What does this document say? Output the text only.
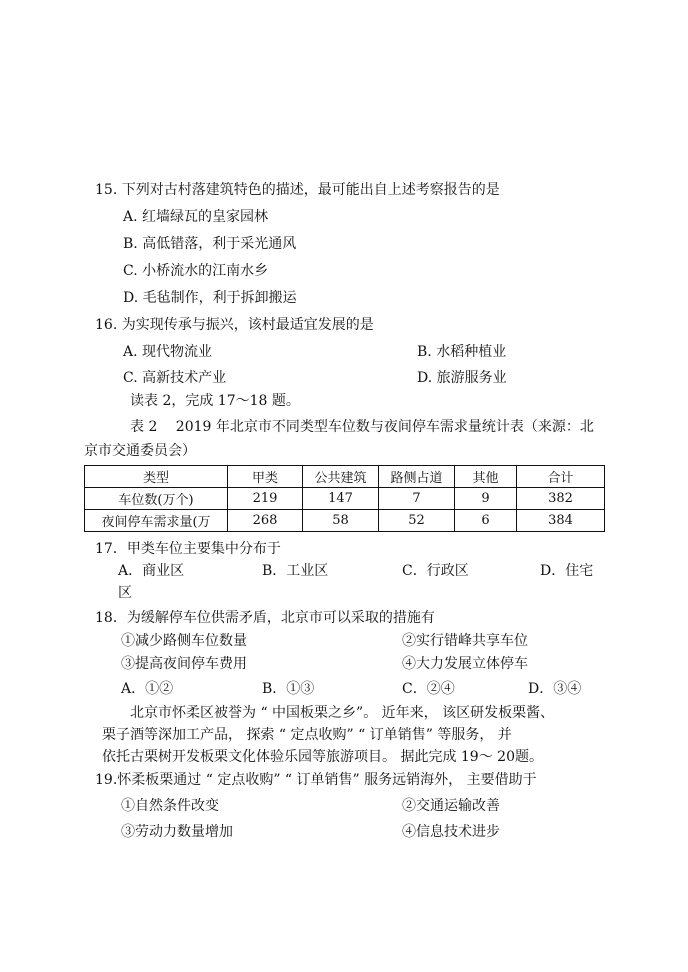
15. 下列对古村落建筑特色的描述，最可能出自上述考察报告的是
A. 红墙绿瓦的皇家园林
B. 高低错落，利于采光通风
C. 小桥流水的江南水乡
D. 毛毡制作，利于拆卸搬运
16. 为实现传承与振兴，该村最适宜发展的是
A. 现代物流业	B. 水稻种植业
C. 高新技术产业	D. 旅游服务业
读表 2，完成 17～18 题。
表 2　 2019 年北京市不同类型车位数与夜间停车需求量统计表（来源：北
京市交通委员会）
类型	甲类	公共建筑	路侧占道	其他	合计
车位数(万个)	219	147	7	9	382
夜间停车需求量(万	268	58	52	6	384
17．甲类车位主要集中分布于
A．商业区	B．工业区	C．行政区	D．住宅
区
18．为缓解停车位供需矛盾，北京市可以采取的措施有
①减少路侧车位数量	②实行错峰共享车位
③提高夜间停车费用	④大力发展立体停车
A．①②	B．①③	C．②④	D．③④
北京市怀柔区被誉为 “ 中国板栗之乡”。 近年来， 该区研发板栗酱、
栗子酒等深加工产品， 探索 “ 定点收购” “ 订单销售” 等服务， 并
依托古栗树开发板栗文化体验乐园等旅游项目。 据此完成 19～ 20题。
19.怀柔板栗通过 “ 定点收购” “ 订单销售” 服务远销海外， 主要借助于
①自然条件改变	②交通运输改善
③劳动力数量增加	④信息技术进步
